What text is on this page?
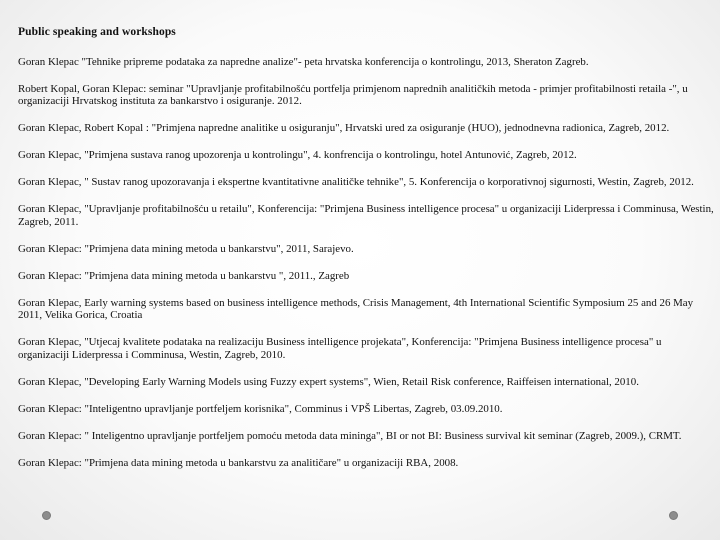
Public speaking and workshops

Goran Klepac "Tehnike pripreme podataka za napredne analize"- peta hrvatska konferencija o kontrolingu, 2013, Sheraton Zagreb.

Robert Kopal, Goran Klepac: seminar "Upravljanje profitabilnošću portfelja primjenom naprednih analitičkih metoda - primjer profitabilnosti retaila -", u organizaciji Hrvatskog instituta za bankarstvo i osiguranje. 2012.

Goran Klepac, Robert Kopal : "Primjena napredne analitike u osiguranju", Hrvatski ured za osiguranje (HUO), jednodnevna radionica, Zagreb, 2012.

Goran Klepac, "Primjena sustava ranog upozorenja u kontrolingu", 4. konfrencija o kontrolingu, hotel Antunović, Zagreb, 2012.

Goran Klepac, " Sustav ranog upozoravanja i ekspertne kvantitativne analitičke tehnike", 5. Konferencija o korporativnoj sigurnosti, Westin, Zagreb, 2012.

Goran Klepac, "Upravljanje profitabilnošću u retailu", Konferencija: "Primjena Business intelligence procesa" u organizaciji Liderpressa i Comminusa, Westin, Zagreb, 2011.

Goran Klepac: "Primjena data mining metoda u bankarstvu", 2011, Sarajevo.

Goran Klepac: "Primjena data mining metoda u bankarstvu ", 2011., Zagreb

Goran Klepac, Early warning systems based on business intelligence methods, Crisis Management, 4th International Scientific Symposium 25 and 26 May 2011, Velika Gorica, Croatia

Goran Klepac, "Utjecaj kvalitete podataka na realizaciju Business intelligence projekata", Konferencija: "Primjena Business intelligence procesa" u organizaciji Liderpressa i Comminusa, Westin, Zagreb, 2010.

Goran Klepac, "Developing Early Warning Models using Fuzzy expert systems", Wien, Retail Risk conference, Raiffeisen international, 2010.

Goran Klepac: "Inteligentno upravljanje portfeljem korisnika", Comminus i VPŠ Libertas, Zagreb, 03.09.2010.

Goran Klepac: " Inteligentno upravljanje portfeljem pomoću metoda data mininga", BI or not BI: Business survival kit seminar (Zagreb, 2009.), CRMT.

Goran Klepac: "Primjena data mining metoda u bankarstvu za analitičare" u organizaciji RBA, 2008.
